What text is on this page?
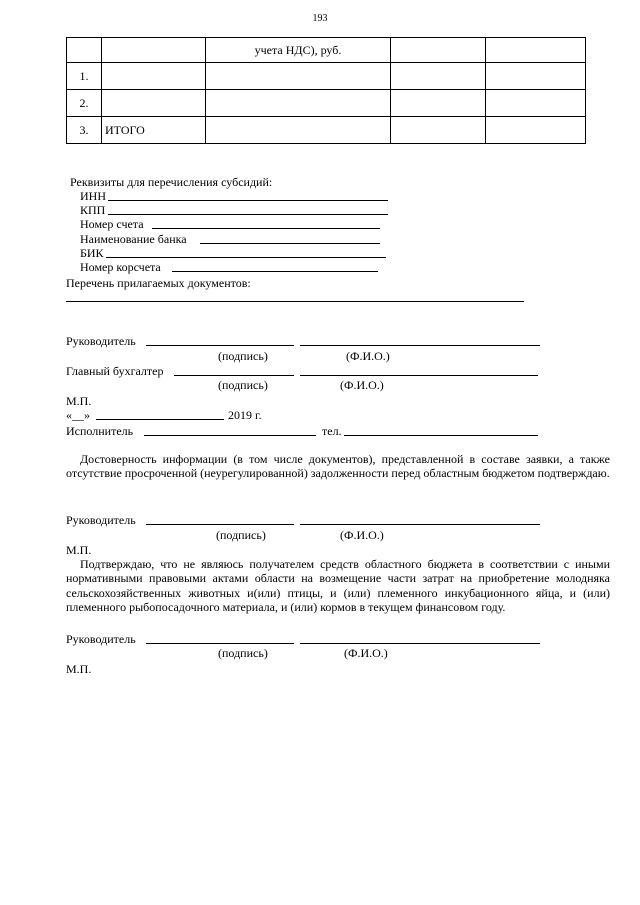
193
		учета НДС), руб.		
1.				
2.				
3.	ИТОГО			
Реквизиты для перечисления субсидий:
ИНН
КПП
Номер счета
Наименование банка
БИК
Номер корсчета
Перечень прилагаемых документов:
Руководитель
(подпись)	(Ф.И.О.)
Главный бухгалтер
(подпись)	(Ф.И.О.)
М.П.
«__»	2019 г.
Исполнитель	тел.
Достоверность информации (в том числе документов), представленной в составе заявки, а также отсутствие просроченной (неурегулированной) задолженности перед областным бюджетом подтверждаю.
Руководитель
(подпись)	(Ф.И.О.)
М.П.
Подтверждаю, что не являюсь получателем средств областного бюджета в соответствии с иными нормативными правовыми актами области на возмещение части затрат на приобретение молодняка сельскохозяйственных животных и(или) птицы, и (или) племенного инкубационного яйца, и (или) племенного рыбопосадочного материала, и (или) кормов в текущем финансовом году.
Руководитель
(подпись)	(Ф.И.О.)
М.П.
